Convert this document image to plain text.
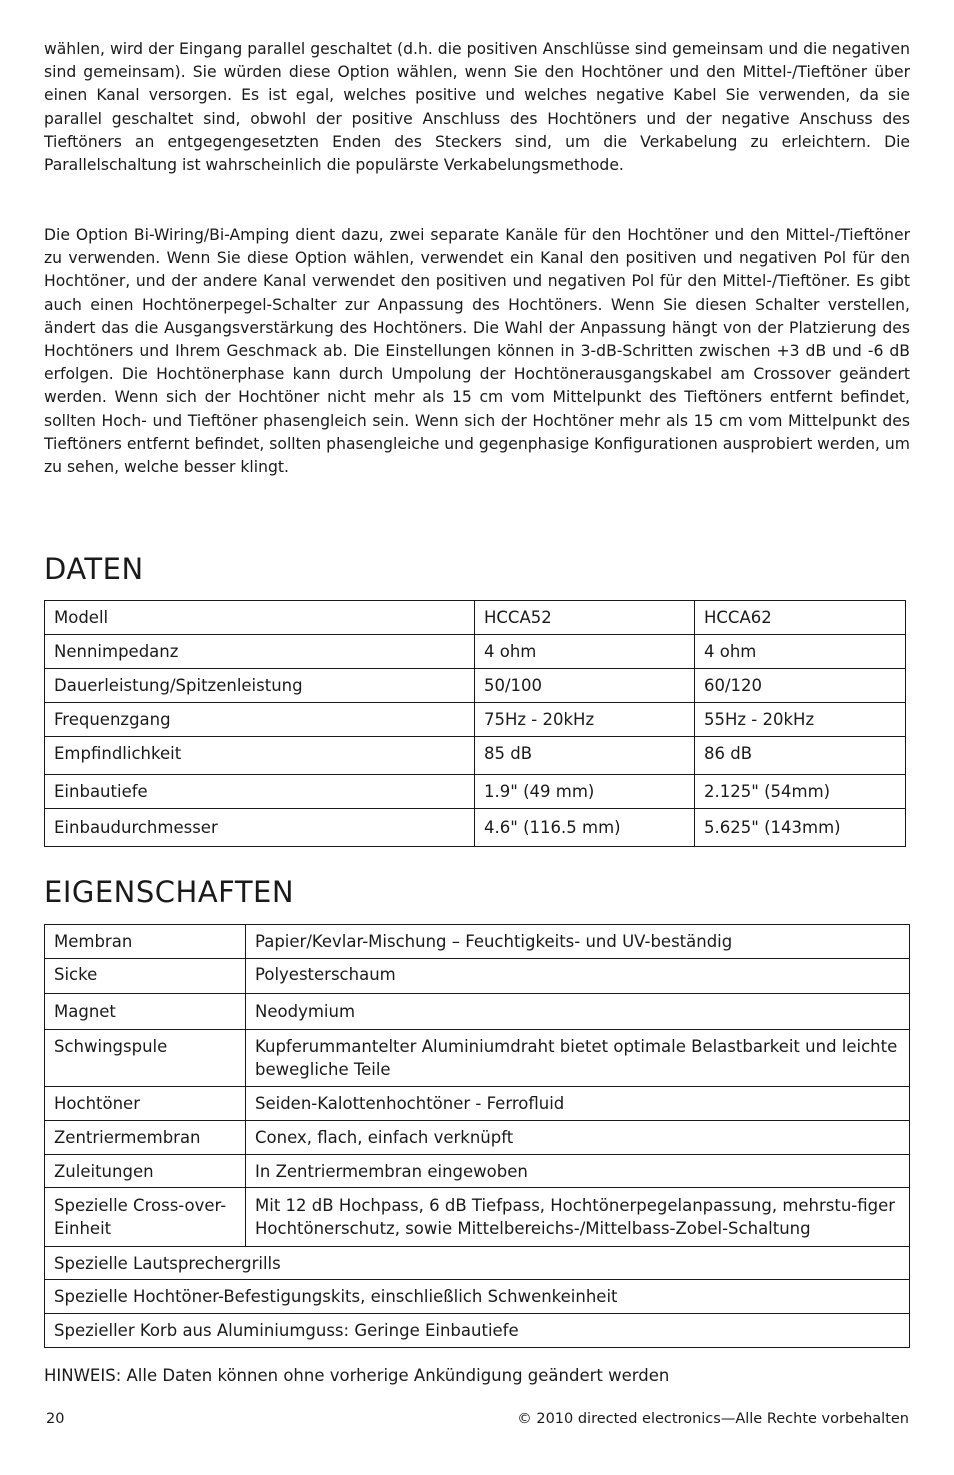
wählen, wird der Eingang parallel geschaltet (d.h. die positiven Anschlüsse sind gemeinsam und die negativen sind gemeinsam). Sie würden diese Option wählen, wenn Sie den Hochtöner und den Mittel-/Tieftöner über einen Kanal versorgen. Es ist egal, welches positive und welches negative Kabel Sie verwenden, da sie parallel geschaltet sind, obwohl der positive Anschluss des Hochtöners und der negative Anschuss des Tieftöners an entgegengesetzten Enden des Steckers sind, um die Verkabelung zu erleichtern. Die Parallelschaltung ist wahrscheinlich die populärste Verkabelungsmethode.

Die Option Bi-Wiring/Bi-Amping dient dazu, zwei separate Kanäle für den Hochtöner und den Mittel-/Tieftöner zu verwenden. Wenn Sie diese Option wählen, verwendet ein Kanal den positiven und negativen Pol für den Hochtöner, und der andere Kanal verwendet den positiven und negativen Pol für den Mittel-/Tieftöner. Es gibt auch einen Hochtönerpegel-Schalter zur Anpassung des Hochtöners. Wenn Sie diesen Schalter verstellen, ändert das die Ausgangsverstärkung des Hochtöners. Die Wahl der Anpassung hängt von der Platzierung des Hochtöners und Ihrem Geschmack ab. Die Einstellungen können in 3-dB-Schritten zwischen +3 dB und -6 dB erfolgen. Die Hochtönerphase kann durch Umpolung der Hochtönerausgangskabel am Crossover geändert werden. Wenn sich der Hochtöner nicht mehr als 15 cm vom Mittelpunkt des Tieftöners entfernt befindet, sollten Hoch- und Tieftöner phasengleich sein. Wenn sich der Hochtöner mehr als 15 cm vom Mittelpunkt des Tieftöners entfernt befindet, sollten phasengleiche und gegenphasige Konfigurationen ausprobiert werden, um zu sehen, welche besser klingt.

DATEN
Modell	HCCA52	HCCA62
Nennimpedanz	4 ohm	4 ohm
Dauerleistung/Spitzenleistung	50/100	60/120
Frequenzgang	75Hz - 20kHz	55Hz - 20kHz
Empfindlichkeit	85 dB	86 dB
Einbautiefe	1.9" (49 mm)	2.125" (54mm)
Einbaudurchmesser	4.6" (116.5 mm)	5.625" (143mm)
EIGENSCHAFTEN
Membran	Papier/Kevlar-Mischung – Feuchtigkeits- und UV-beständig
Sicke	Polyesterschaum
Magnet	Neodymium
Schwingspule	Kupferummantelter Aluminiumdraht bietet optimale Belastbarkeit und leichte bewegliche Teile
Hochtöner	Seiden-Kalottenhochtöner - Ferrofluid
Zentriermembran	Conex, flach, einfach verknüpft
Zuleitungen	In Zentriermembran eingewoben
Spezielle Cross-over-Einheit	Mit 12 dB Hochpass, 6 dB Tiefpass, Hochtönerpegelanpassung, mehrstu-figer Hochtönerschutz, sowie Mittelbereichs-/Mittelbass-Zobel-Schaltung
Spezielle Lautsprechergrills	
Spezielle Hochtöner-Befestigungskits, einschließlich Schwenkeinheit	
Spezieller Korb aus Aluminiumguss: Geringe Einbautiefe	

HINWEIS: Alle Daten können ohne vorherige Ankündigung geändert werden

20	© 2010 directed electronics—Alle Rechte vorbehalten
